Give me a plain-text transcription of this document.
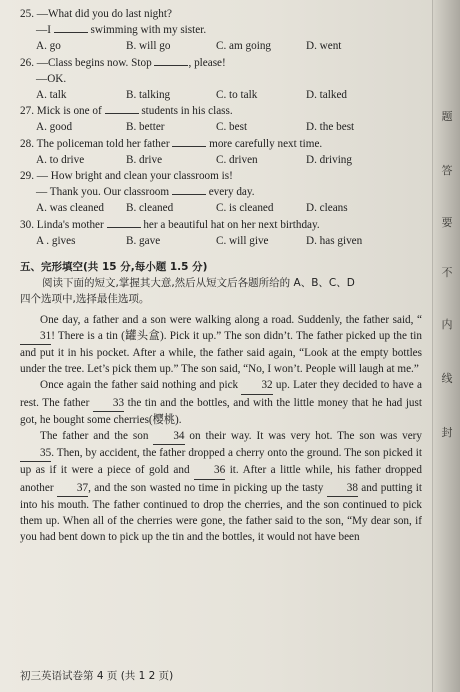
25. —What did you do last night?
—I	swimming with my sister.
A. go	B. will go	C. am going	D. went
26. —Class begins now. Stop	, please!
—OK.
A. talk	B. talking	C. to talk	D. talked
27. Mick is one of	students in his class.
A. good	B. better	C. best	D. the best
28. The policeman told her father	more carefully next time.
A. to drive	B. drive	C. driven	D. driving
29. — How bright and clean your classroom is!
— Thank you. Our classroom	every day.
A. was cleaned	B. cleaned	C. is cleaned	D. cleans
30. Linda's mother	her a beautiful hat on her next birthday.
A . gives	B. gave	C. will give	D. has given
五、完形填空(共 15 分,每小题 1.5 分)
阅读下面的短文,掌握其大意,然后从短文后各题所给的 A、B、C、D
四个选项中,选择最佳选项。

One day, a father and a son were walking along a road. Suddenly, the father said, “31! There is a tin (罐头盒). Pick it up.” The son didn’t. The father picked up the tin and put it in his pocket. After a while, the father said again, “Look at the empty bottles under the tree. Let’s pick them up.” The son said, “No, I won’t. People will laugh at me.”

Once again the father said nothing and pick 32 up. Later they decided to have a rest. The father 33 the tin and the bottles, and with the little money that he had just got, he bought some cherries(樱桃).

The father and the son 34 on their way. It was very hot. The son was very 35. Then, by accident, the father dropped a cherry onto the ground. The son picked it up as if it were a piece of gold and 36 it. After a little while, his father dropped another 37, and the son wasted no time in picking up the tasty 38 and putting it into his mouth. The father continued to drop the cherries, and the son continued to pick them up. When all of the cherries were gone, the father said to the son, “My dear son, if you had bent down to pick up the tin and the bottles, it would not have been

初三英语试卷第 4 页 (共 1 2 页)
题
答
要
不
内
线
封
